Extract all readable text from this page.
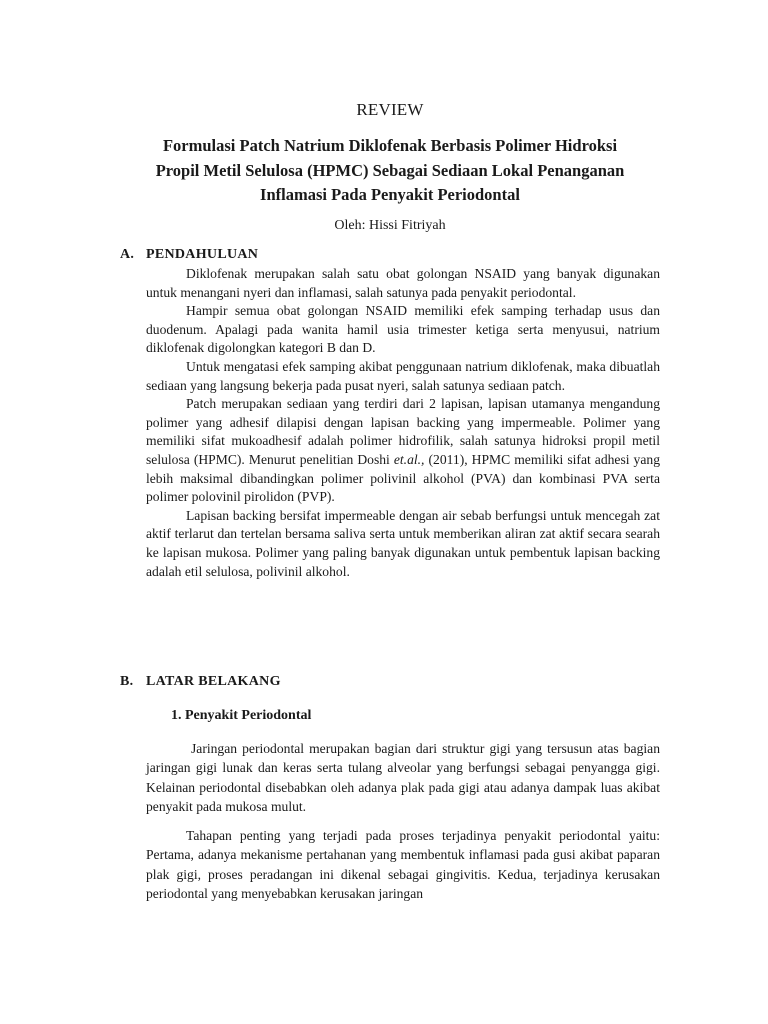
REVIEW
Formulasi Patch Natrium Diklofenak Berbasis Polimer Hidroksi
Propil Metil Selulosa (HPMC) Sebagai Sediaan Lokal Penanganan
Inflamasi Pada Penyakit Periodontal
Oleh: Hissi Fitriyah
A. PENDAHULUAN

Diklofenak merupakan salah satu obat golongan NSAID yang banyak digunakan untuk menangani nyeri dan inflamasi, salah satunya pada penyakit periodontal.

Hampir semua obat golongan NSAID memiliki efek samping terhadap usus dan duodenum. Apalagi pada wanita hamil usia trimester ketiga serta menyusui, natrium diklofenak digolongkan kategori B dan D.

Untuk mengatasi efek samping akibat penggunaan natrium diklofenak, maka dibuatlah sediaan yang langsung bekerja pada pusat nyeri, salah satunya sediaan patch.

Patch merupakan sediaan yang terdiri dari 2 lapisan, lapisan utamanya mengandung polimer yang adhesif dilapisi dengan lapisan backing yang impermeable. Polimer yang memiliki sifat mukoadhesif adalah polimer hidrofilik, salah satunya hidroksi propil metil selulosa (HPMC). Menurut penelitian Doshi et.al., (2011), HPMC memiliki sifat adhesi yang lebih maksimal dibandingkan polimer polivinil alkohol (PVA) dan kombinasi PVA serta polimer polovinil pirolidon (PVP).

Lapisan backing bersifat impermeable dengan air sebab berfungsi untuk mencegah zat aktif terlarut dan tertelan bersama saliva serta untuk memberikan aliran zat aktif secara searah ke lapisan mukosa. Polimer yang paling banyak digunakan untuk pembentuk lapisan backing adalah etil selulosa, polivinil alkohol.

B. LATAR BELAKANG
1. Penyakit Periodontal

Jaringan periodontal merupakan bagian dari struktur gigi yang tersusun atas bagian jaringan gigi lunak dan keras serta tulang alveolar yang berfungsi sebagai penyangga gigi. Kelainan periodontal disebabkan oleh adanya plak pada gigi atau adanya dampak luas akibat penyakit pada mukosa mulut.

Tahapan penting yang terjadi pada proses terjadinya penyakit periodontal yaitu: Pertama, adanya mekanisme pertahanan yang membentuk inflamasi pada gusi akibat paparan plak gigi, proses peradangan ini dikenal sebagai gingivitis. Kedua, terjadinya kerusakan periodontal yang menyebabkan kerusakan jaringan
